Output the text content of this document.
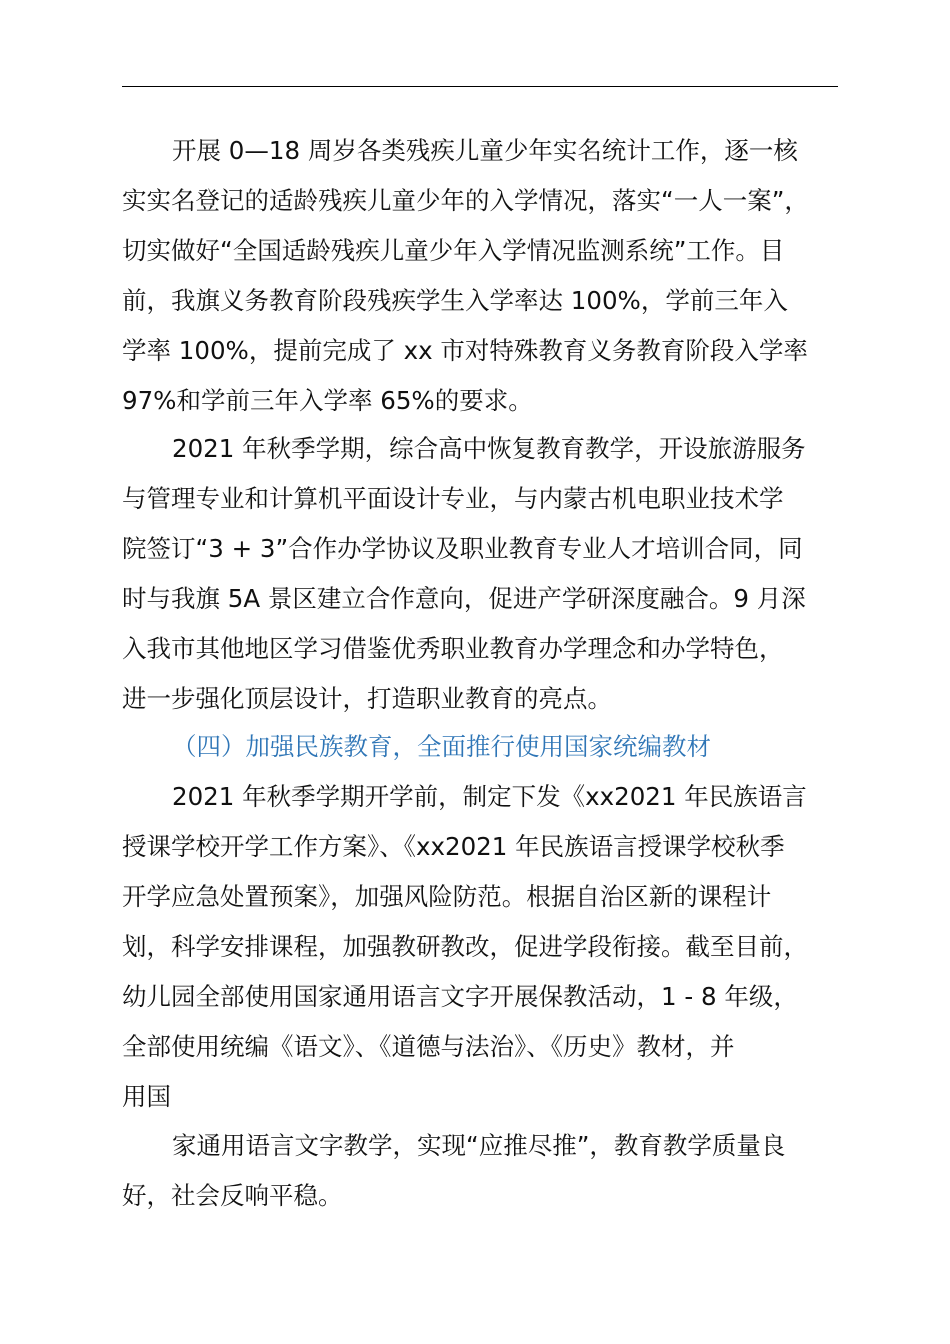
开展 0—18 周岁各类残疾儿童少年实名统计工作，逐一核
实实名登记的适龄残疾儿童少年的入学情况，落实“一人一案”，
切实做好“全国适龄残疾儿童少年入学情况监测系统”工作。目
前，我旗义务教育阶段残疾学生入学率达 100%，学前三年入
学率 100%，提前完成了 xx 市对特殊教育义务教育阶段入学率
97%和学前三年入学率 65%的要求。
2021 年秋季学期，综合高中恢复教育教学，开设旅游服务
与管理专业和计算机平面设计专业，与内蒙古机电职业技术学
院签订“3 + 3”合作办学协议及职业教育专业人才培训合同，同
时与我旗 5A 景区建立合作意向，促进产学研深度融合。9 月深
入我市其他地区学习借鉴优秀职业教育办学理念和办学特色，
进一步强化顶层设计，打造职业教育的亮点。
（四）加强民族教育，全面推行使用国家统编教材
2021 年秋季学期开学前，制定下发《xx2021 年民族语言
授课学校开学工作方案》、《xx2021 年民族语言授课学校秋季
开学应急处置预案》，加强风险防范。根据自治区新的课程计
划，科学安排课程，加强教研教改，促进学段衔接。截至目前，
幼儿园全部使用国家通用语言文字开展保教活动，1 - 8 年级，
全部使用统编《语文》、《道德与法治》、《历史》教材，并
用国
家通用语言文字教学，实现“应推尽推”，教育教学质量良
好，社会反响平稳。
